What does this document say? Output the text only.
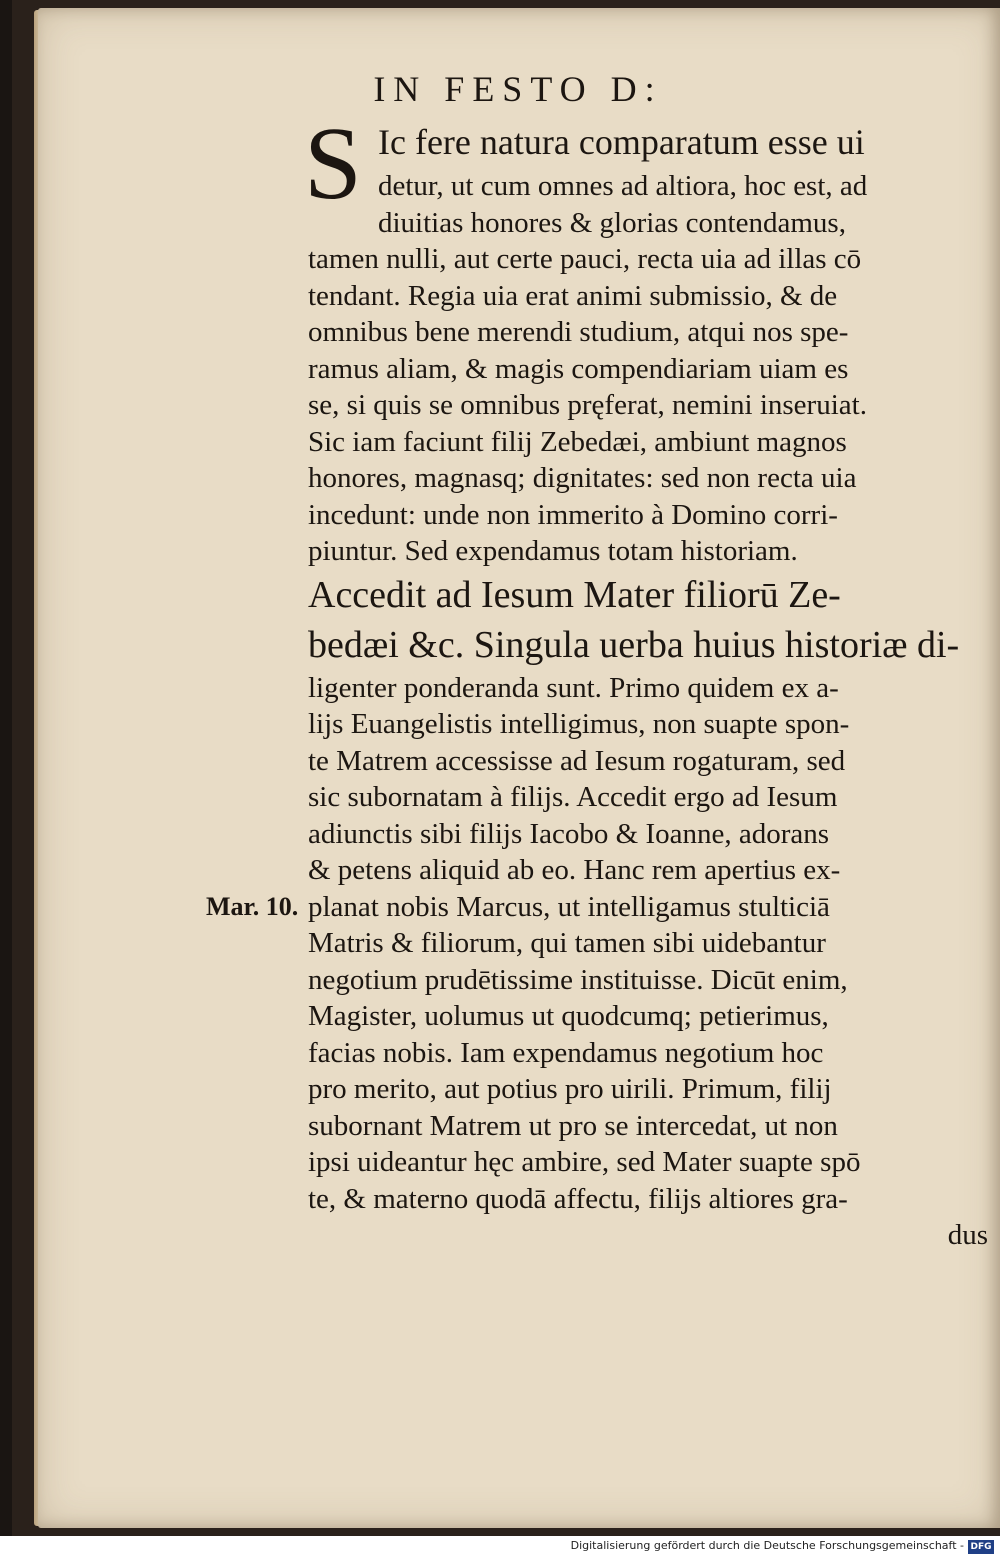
IN FESTO D:
Mar. 10.
S Ic fere natura comparatum esse ui
detur, ut cum omnes ad altiora, hoc est, ad
diuitias honores & glorias contendamus,
tamen nulli, aut certe pauci, recta uia ad illas cō
tendant. Regia uia erat animi submissio, & de
omnibus bene merendi studium, atqui nos spe-
ramus aliam, & magis compendiariam uiam es
se, si quis se omnibus pręferat, nemini inseruiat.
Sic iam faciunt filij Zebedæi, ambiunt magnos
honores, magnasq; dignitates: sed non recta uia
incedunt: unde non immerito à Domino corri-
piuntur. Sed expendamus totam historiam.
Accedit ad Iesum Mater filiorū Ze-
bedæi &c. Singula uerba huius historiæ di-
ligenter ponderanda sunt. Primo quidem ex a-
lijs Euangelistis intelligimus, non suapte spon-
te Matrem accessisse ad Iesum rogaturam, sed
sic subornatam à filijs. Accedit ergo ad Iesum
adiunctis sibi filijs Iacobo & Ioanne, adorans
& petens aliquid ab eo. Hanc rem apertius ex-
planat nobis Marcus, ut intelligamus stulticiā
Matris & filiorum, qui tamen sibi uidebantur
negotium prudētissime instituisse. Dicūt enim,
Magister, uolumus ut quodcumq; petierimus,
facias nobis. Iam expendamus negotium hoc
pro merito, aut potius pro uirili. Primum, filij
subornant Matrem ut pro se intercedat, ut non
ipsi uideantur hęc ambire, sed Mater suapte spō
te, & materno quodā affectu, filijs altiores gra-
dus
Digitalisierung gefördert durch die Deutsche Forschungsgemeinschaft - DFG
